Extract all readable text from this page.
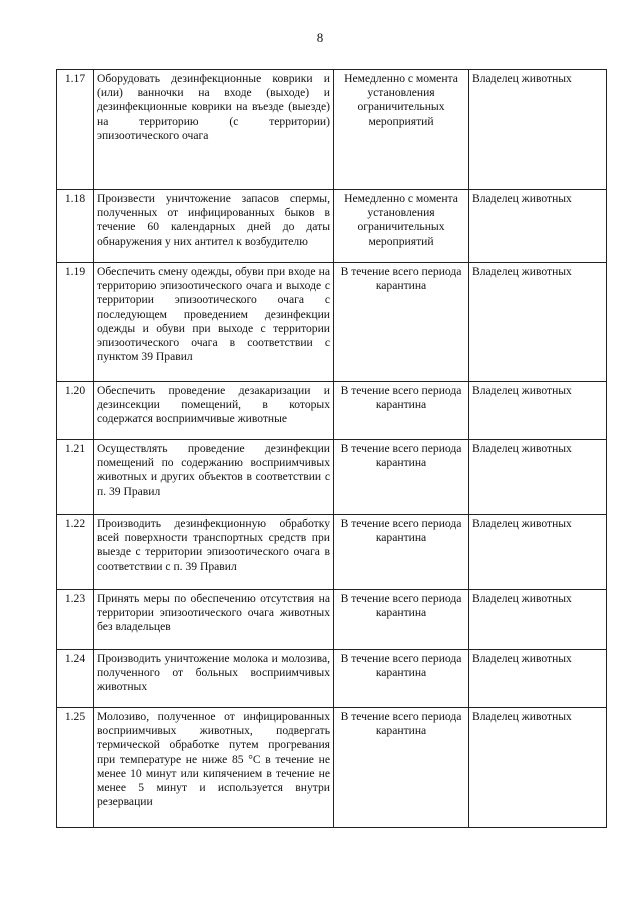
8
1.17	Оборудовать дезинфекционные коврики и (или) ванночки на входе (выходе) и дезинфекционные коврики на въезде (выезде) на территорию (с территории) эпизоотического очага	Немедленно с момента установления ограничительных мероприятий	Владелец животных
1.18	Произвести уничтожение запасов спермы, полученных от инфицированных быков в течение 60 календарных дней до даты обнаружения у них антител к возбудителю	Немедленно с момента установления ограничительных мероприятий	Владелец животных
1.19	Обеспечить смену одежды, обуви при входе на территорию эпизоотического очага и выходе с территории эпизоотического очага с последующем проведением дезинфекции одежды и обуви при выходе с территории эпизоотического очага в соответствии с пунктом 39 Правил	В течение всего периода карантина	Владелец животных
1.20	Обеспечить проведение дезакаризации и дезинсекции помещений, в которых содержатся восприимчивые животные	В течение всего периода карантина	Владелец животных
1.21	Осуществлять проведение дезинфекции помещений по содержанию восприимчивых животных и других объектов в соответствии с п. 39 Правил	В течение всего периода карантина	Владелец животных
1.22	Производить дезинфекционную обработку всей поверхности транспортных средств при выезде с территории эпизоотического очага в соответствии с п. 39 Правил	В течение всего периода карантина	Владелец животных
1.23	Принять меры по обеспечению отсутствия на территории эпизоотического очага животных без владельцев	В течение всего периода карантина	Владелец животных
1.24	Производить уничтожение молока и молозива, полученного от больных восприимчивых животных	В течение всего периода карантина	Владелец животных
1.25	Молозиво, полученное от инфицированных восприимчивых животных, подвергать термической обработке путем прогревания при температуре не ниже 85 °C в течение не менее 10 минут или кипячением в течение не менее 5 минут и используется внутри резервации	В течение всего периода карантина	Владелец животных
